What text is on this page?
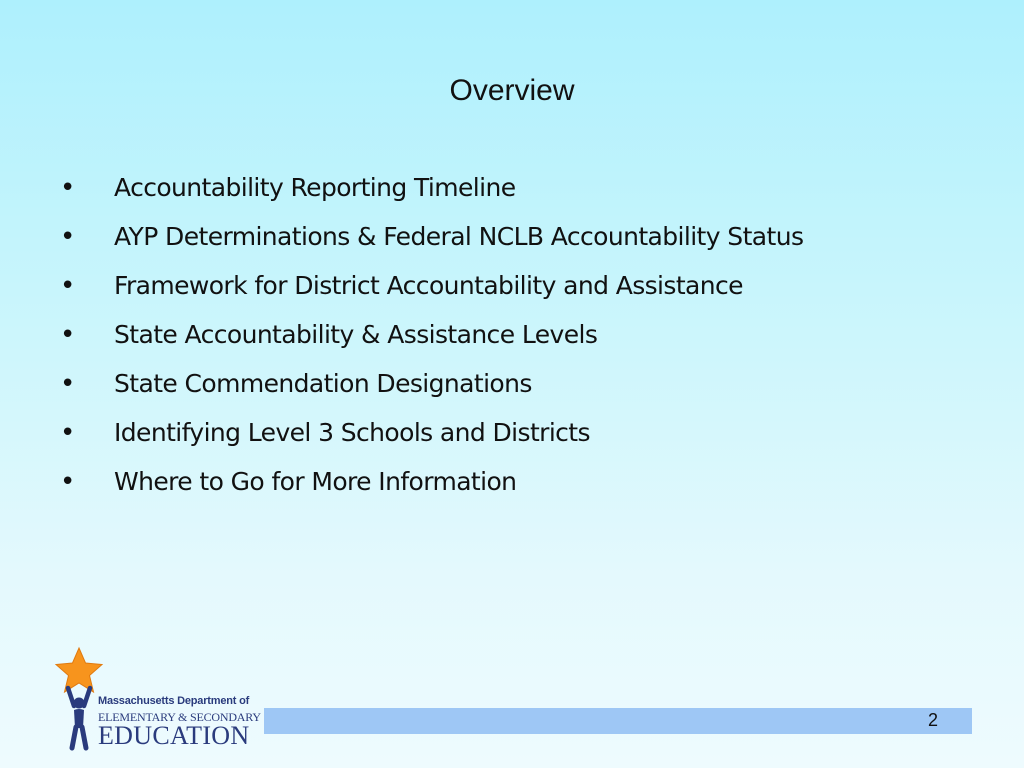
Overview
• Accountability Reporting Timeline
• AYP Determinations & Federal NCLB Accountability Status
• Framework for District Accountability and Assistance
• State Accountability & Assistance Levels
• State Commendation Designations
• Identifying Level 3 Schools and Districts
• Where to Go for More Information
Massachusetts Department of
ELEMENTARY & SECONDARY
EDUCATION
2
